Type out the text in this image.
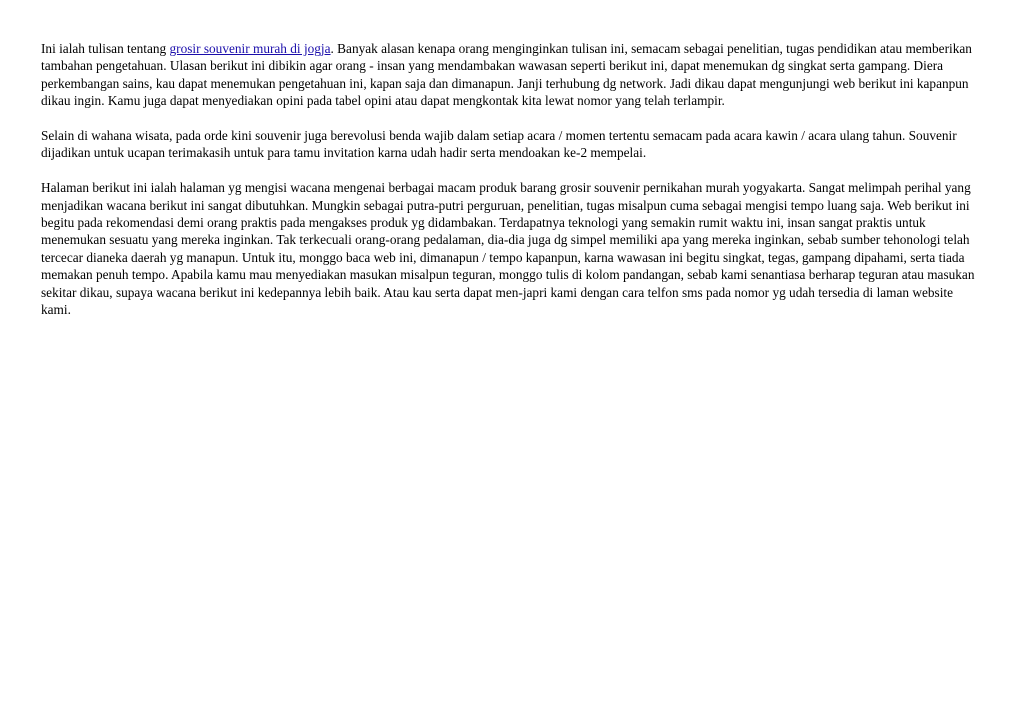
Ini ialah tulisan tentang grosir souvenir murah di jogja. Banyak alasan kenapa orang menginginkan tulisan ini, semacam sebagai penelitian, tugas pendidikan atau memberikan tambahan pengetahuan. Ulasan berikut ini dibikin agar orang - insan yang mendambakan wawasan seperti berikut ini, dapat menemukan dg singkat serta gampang. Diera perkembangan sains, kau dapat menemukan pengetahuan ini, kapan saja dan dimanapun. Janji terhubung dg network. Jadi dikau dapat mengunjungi web berikut ini kapanpun dikau ingin. Kamu juga dapat menyediakan opini pada tabel opini atau dapat mengkontak kita lewat nomor yang telah terlampir.

Selain di wahana wisata, pada orde kini souvenir juga berevolusi benda wajib dalam setiap acara / momen tertentu semacam pada acara kawin / acara ulang tahun. Souvenir dijadikan untuk ucapan terimakasih untuk para tamu invitation karna udah hadir serta mendoakan ke-2 mempelai.

Halaman berikut ini ialah halaman yg mengisi wacana mengenai berbagai macam produk barang grosir souvenir pernikahan murah yogyakarta. Sangat melimpah perihal yang menjadikan wacana berikut ini sangat dibutuhkan. Mungkin sebagai putra-putri perguruan, penelitian, tugas misalpun cuma sebagai mengisi tempo luang saja. Web berikut ini begitu pada rekomendasi demi orang praktis pada mengakses produk yg didambakan. Terdapatnya teknologi yang semakin rumit waktu ini, insan sangat praktis untuk menemukan sesuatu yang mereka inginkan. Tak terkecuali orang-orang pedalaman, dia-dia juga dg simpel memiliki apa yang mereka inginkan, sebab sumber tehonologi telah tercecar dianeka daerah yg manapun. Untuk itu, monggo baca web ini, dimanapun / tempo kapanpun, karna wawasan ini begitu singkat, tegas, gampang dipahami, serta tiada memakan penuh tempo. Apabila kamu mau menyediakan masukan misalpun teguran, monggo tulis di kolom pandangan, sebab kami senantiasa berharap teguran atau masukan sekitar dikau, supaya wacana berikut ini kedepannya lebih baik. Atau kau serta dapat men-japri kami dengan cara telfon sms pada nomor yg udah tersedia di laman website kami.
